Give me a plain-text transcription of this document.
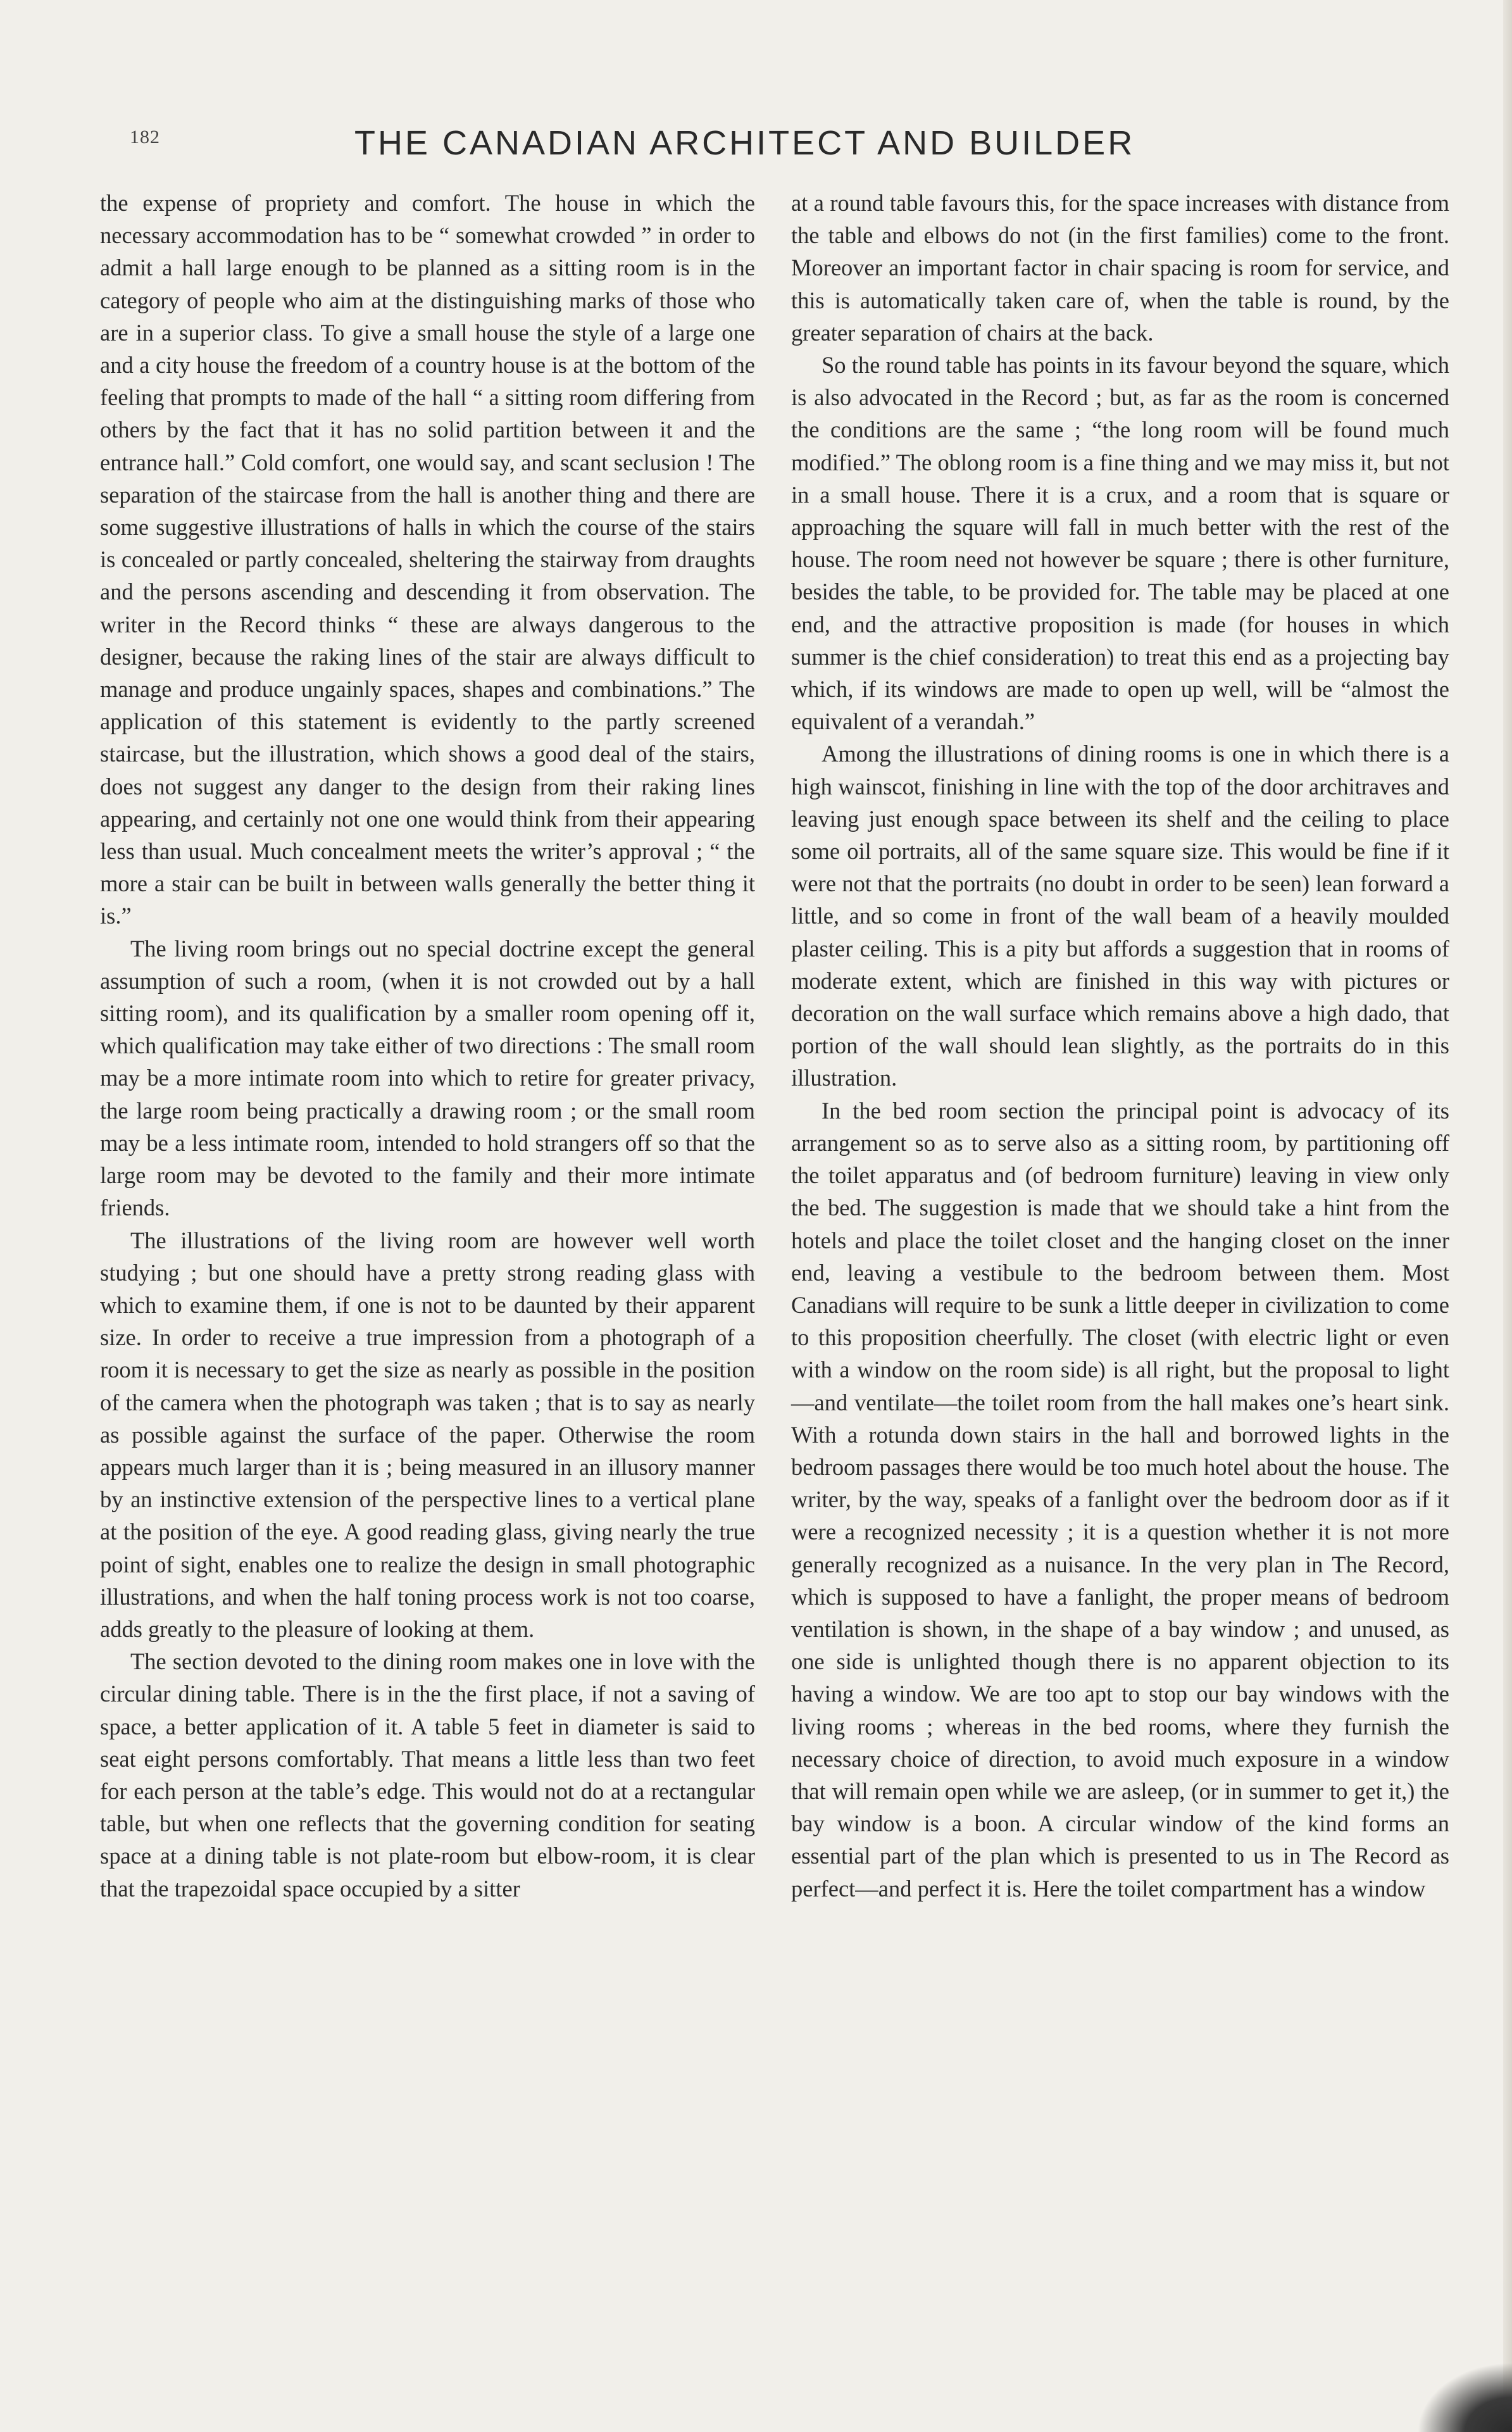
182	THE CANADIAN ARCHITECT AND BUILDER

the expense of propriety and comfort. The house in which the necessary accommodation has to be “ somewhat crowded ” in order to admit a hall large enough to be planned as a sitting room is in the category of people who aim at the distinguishing marks of those who are in a superior class. To give a small house the style of a large one and a city house the freedom of a country house is at the bottom of the feeling that prompts to made of the hall “ a sitting room differing from others by the fact that it has no solid partition between it and the entrance hall.” Cold comfort, one would say, and scant seclusion ! The separation of the staircase from the hall is another thing and there are some suggestive illustrations of halls in which the course of the stairs is concealed or partly concealed, sheltering the stairway from draughts and the persons ascending and descending it from observation. The writer in the Record thinks “ these are always dangerous to the designer, because the raking lines of the stair are always difficult to manage and produce ungainly spaces, shapes and combinations.” The application of this statement is evidently to the partly screened staircase, but the illustration, which shows a good deal of the stairs, does not suggest any danger to the design from their raking lines appearing, and certainly not one one would think from their appearing less than usual. Much concealment meets the writer’s approval ; “ the more a stair can be built in between walls generally the better thing it is.”

The living room brings out no special doctrine except the general assumption of such a room, (when it is not crowded out by a hall sitting room), and its qualification by a smaller room opening off it, which qualification may take either of two directions : The small room may be a more intimate room into which to retire for greater privacy, the large room being practically a drawing room ; or the small room may be a less intimate room, intended to hold strangers off so that the large room may be devoted to the family and their more intimate friends.

The illustrations of the living room are however well worth studying ; but one should have a pretty strong reading glass with which to examine them, if one is not to be daunted by their apparent size. In order to receive a true impression from a photograph of a room it is necessary to get the size as nearly as possible in the position of the camera when the photograph was taken ; that is to say as nearly as possible against the surface of the paper. Otherwise the room appears much larger than it is ; being measured in an illusory manner by an instinctive extension of the perspective lines to a vertical plane at the position of the eye. A good reading glass, giving nearly the true point of sight, enables one to realize the design in small photographic illustrations, and when the half toning process work is not too coarse, adds greatly to the pleasure of looking at them.

The section devoted to the dining room makes one in love with the circular dining table. There is in the the first place, if not a saving of space, a better application of it. A table 5 feet in diameter is said to seat eight persons comfortably. That means a little less than two feet for each person at the table’s edge. This would not do at a rectangular table, but when one reflects that the governing condition for seating space at a dining table is not plate-room but elbow-room, it is clear that the trapezoidal space occupied by a sitter

at a round table favours this, for the space increases with distance from the table and elbows do not (in the first families) come to the front. Moreover an important factor in chair spacing is room for service, and this is automatically taken care of, when the table is round, by the greater separation of chairs at the back.

So the round table has points in its favour beyond the square, which is also advocated in the Record ; but, as far as the room is concerned the conditions are the same ; “the long room will be found much modified.” The oblong room is a fine thing and we may miss it, but not in a small house. There it is a crux, and a room that is square or approaching the square will fall in much better with the rest of the house. The room need not however be square ; there is other furniture, besides the table, to be provided for. The table may be placed at one end, and the attractive proposition is made (for houses in which summer is the chief consideration) to treat this end as a projecting bay which, if its windows are made to open up well, will be “almost the equivalent of a verandah.”

Among the illustrations of dining rooms is one in which there is a high wainscot, finishing in line with the top of the door architraves and leaving just enough space between its shelf and the ceiling to place some oil portraits, all of the same square size. This would be fine if it were not that the portraits (no doubt in order to be seen) lean forward a little, and so come in front of the wall beam of a heavily moulded plaster ceiling. This is a pity but affords a suggestion that in rooms of moderate extent, which are finished in this way with pictures or decoration on the wall surface which remains above a high dado, that portion of the wall should lean slightly, as the portraits do in this illustration.

In the bed room section the principal point is advocacy of its arrangement so as to serve also as a sitting room, by partitioning off the toilet apparatus and (of bedroom furniture) leaving in view only the bed. The suggestion is made that we should take a hint from the hotels and place the toilet closet and the hanging closet on the inner end, leaving a vestibule to the bedroom between them. Most Canadians will require to be sunk a little deeper in civilization to come to this proposition cheerfully. The closet (with electric light or even with a window on the room side) is all right, but the proposal to light—and ventilate—the toilet room from the hall makes one’s heart sink. With a rotunda down stairs in the hall and borrowed lights in the bedroom passages there would be too much hotel about the house. The writer, by the way, speaks of a fanlight over the bedroom door as if it were a recognized necessity ; it is a question whether it is not more generally recognized as a nuisance. In the very plan in The Record, which is supposed to have a fanlight, the proper means of bedroom ventilation is shown, in the shape of a bay window ; and unused, as one side is unlighted though there is no apparent objection to its having a window. We are too apt to stop our bay windows with the living rooms ; whereas in the bed rooms, where they furnish the necessary choice of direction, to avoid much exposure in a window that will remain open while we are asleep, (or in summer to get it,) the bay window is a boon. A circular window of the kind forms an essential part of the plan which is presented to us in The Record as perfect—and perfect it is. Here the toilet compartment has a window
